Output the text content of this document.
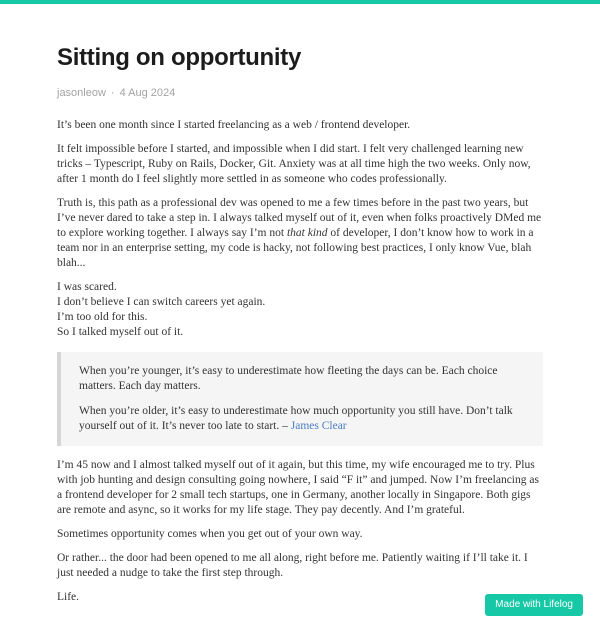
Sitting on opportunity
jasonleow · 4 Aug 2024

It’s been one month since I started freelancing as a web / frontend developer.

It felt impossible before I started, and impossible when I did start. I felt very challenged learning new tricks – Typescript, Ruby on Rails, Docker, Git. Anxiety was at all time high the two weeks. Only now, after 1 month do I feel slightly more settled in as someone who codes professionally.

Truth is, this path as a professional dev was opened to me a few times before in the past two years, but I’ve never dared to take a step in. I always talked myself out of it, even when folks proactively DMed me to explore working together. I always say I’m not that kind of developer, I don’t know how to work in a team nor in an enterprise setting, my code is hacky, not following best practices, I only know Vue, blah blah...

I was scared.
I don’t believe I can switch careers yet again.
I’m too old for this.
So I talked myself out of it.

When you’re younger, it’s easy to underestimate how fleeting the days can be. Each choice matters. Each day matters.

When you’re older, it’s easy to underestimate how much opportunity you still have. Don’t talk yourself out of it. It’s never too late to start. – James Clear

I’m 45 now and I almost talked myself out of it again, but this time, my wife encouraged me to try. Plus with job hunting and design consulting going nowhere, I said “F it” and jumped. Now I’m freelancing as a frontend developer for 2 small tech startups, one in Germany, another locally in Singapore. Both gigs are remote and async, so it works for my life stage. They pay decently. And I’m grateful.

Sometimes opportunity comes when you get out of your own way.

Or rather... the door had been opened to me all along, right before me. Patiently waiting if I’ll take it. I just needed a nudge to take the first step through.

Life.

Made with Lifelog
